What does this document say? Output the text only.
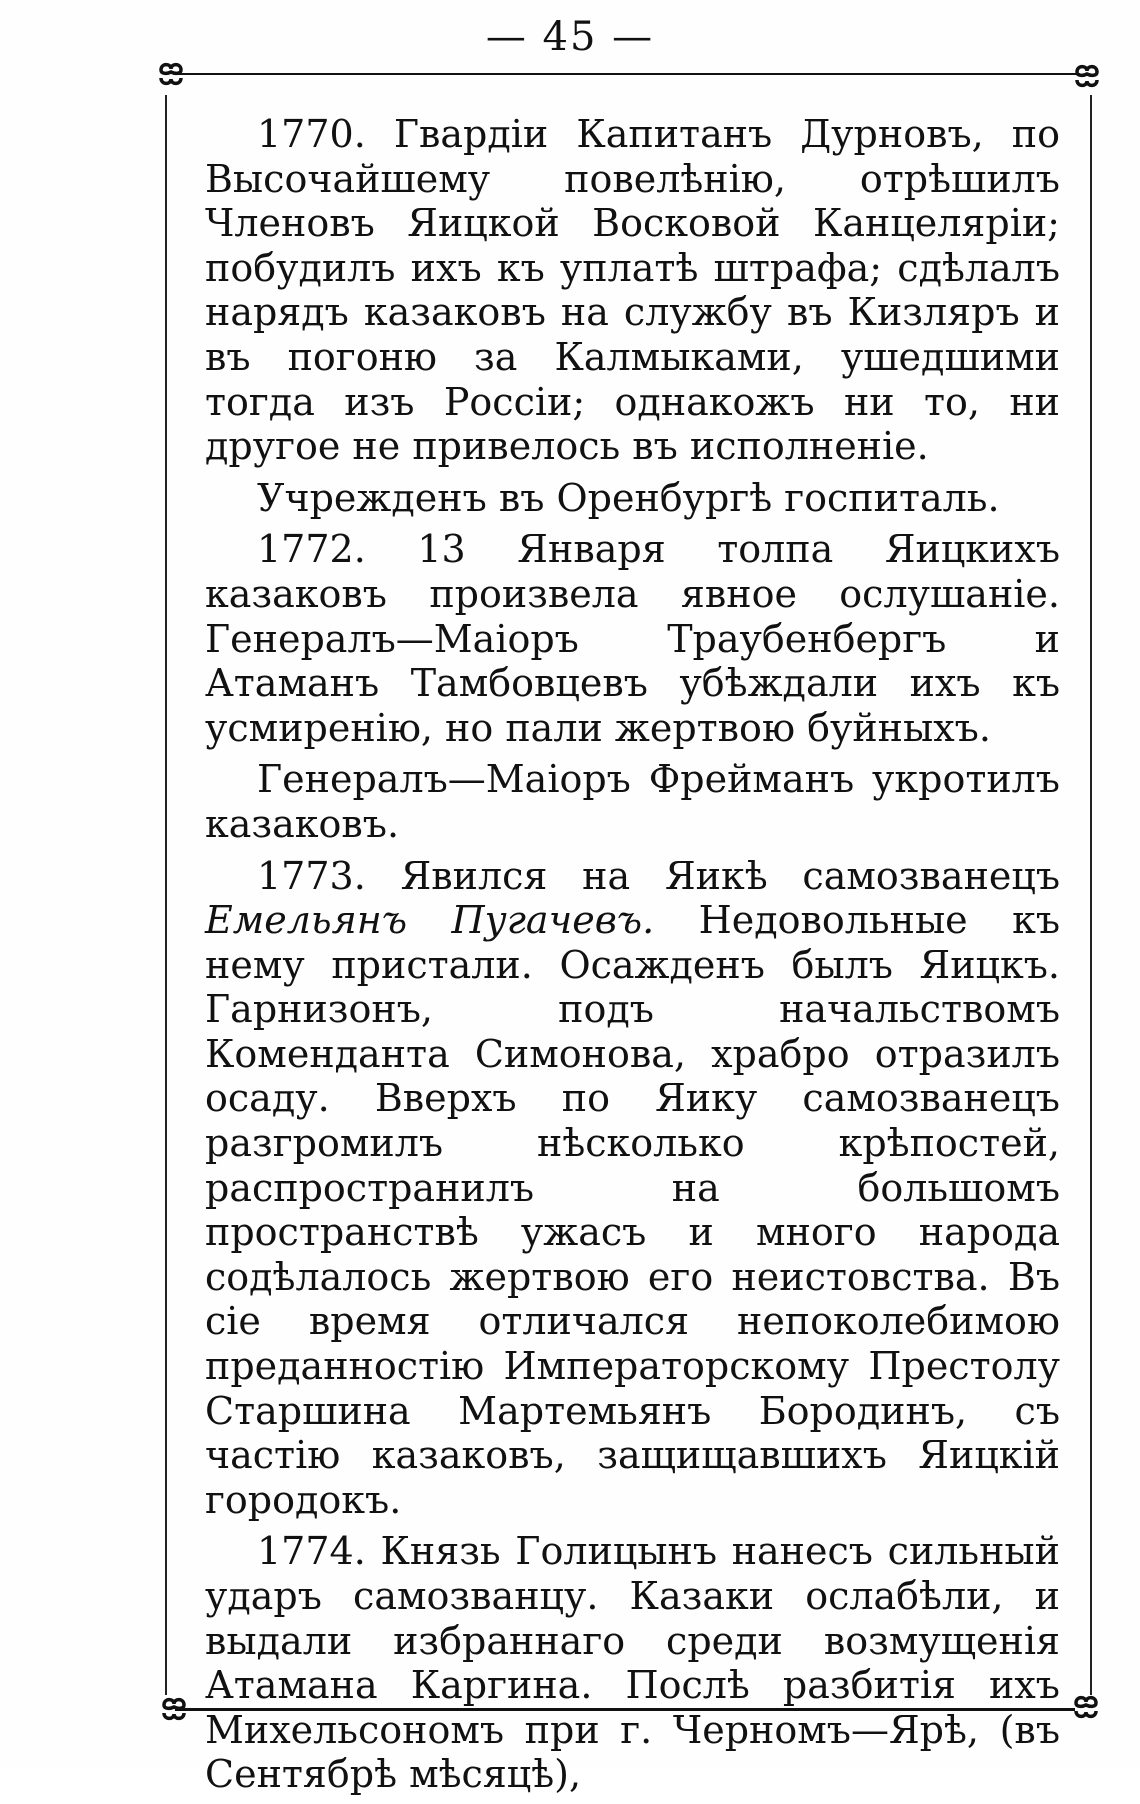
— 45 —

1770. Гвардіи Капитанъ Дурновъ, по Высочайшему повелѣнію, отрѣшилъ Членовъ Яицкой Восковой Канцеляріи; побудилъ ихъ къ уплатѣ штрафа; сдѣлалъ нарядъ казаковъ на службу въ Кизляръ и въ погоню за Калмыками, ушедшими тогда изъ Россіи; однакожъ ни то, ни другое не привелось въ исполненіе.

Учрежденъ въ Оренбургѣ госпиталь.

1772. 13 Января толпа Яицкихъ казаковъ произвела явное ослушаніе. Генералъ—Маіоръ Траубенбергъ и Атаманъ Тамбовцевъ убѣждали ихъ къ усмиренію, но пали жертвою буйныхъ.

Генералъ—Маіоръ Фрейманъ укротилъ казаковъ.

1773. Явился на Яикѣ самозванецъ Емельянъ Пугачевъ. Недовольные къ нему пристали. Осажденъ былъ Яицкъ. Гарнизонъ, подъ начальствомъ Коменданта Симонова, храбро отразилъ осаду. Вверхъ по Яику самозванецъ разгромилъ нѣсколько крѣпостей, распространилъ на большомъ пространствѣ ужасъ и много народа содѣлалось жертвою его неистовства. Въ сіе время отличался непоколебимою преданностію Императорскому Престолу Старшина Мартемьянъ Бородинъ, съ частію казаковъ, защищавшихъ Яицкій городокъ.

1774. Князь Голицынъ нанесъ сильный ударъ самозванцу. Казаки ослабѣли, и выдали избраннаго среди возмущенія Атамана Каргина. Послѣ разбитія ихъ Михельсономъ при г. Черномъ—Ярѣ, (въ Сентябрѣ мѣсяцѣ),
